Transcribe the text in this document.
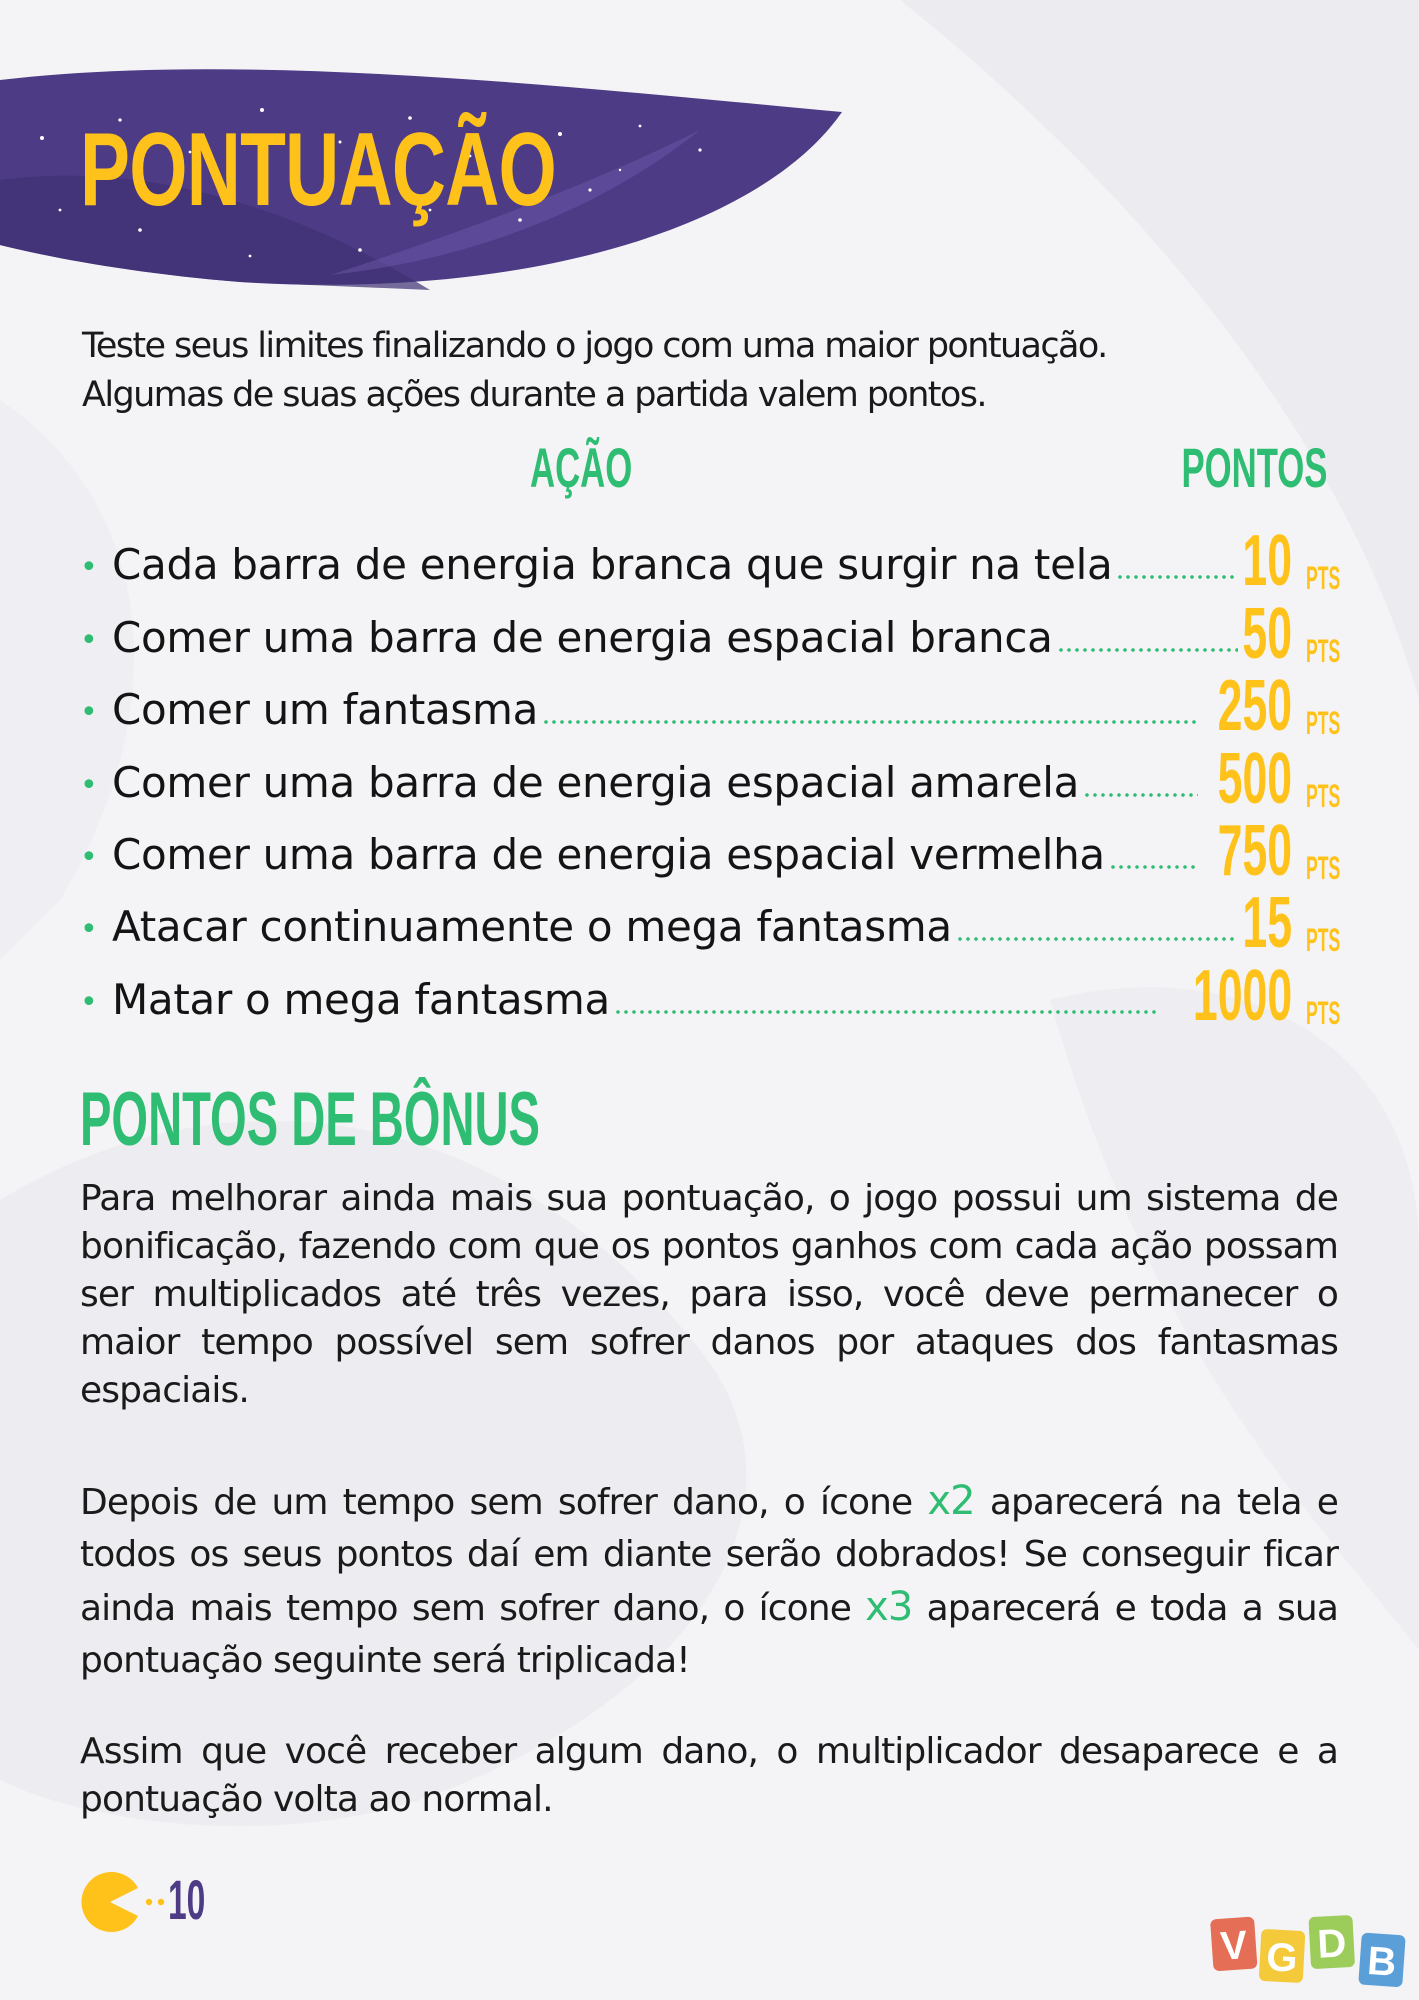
PONTUAÇÃO

Teste seus limites finalizando o jogo com uma maior pontuação.
Algumas de suas ações durante a partida valem pontos.

AÇÃO	PONTOS
• Cada barra de energia branca que surgir na tela 10 PTS
• Comer uma barra de energia espacial branca	50 PTS
• Comer um fantasma	250 PTS
• Comer uma barra de energia espacial amarela 500 PTS
• Comer uma barra de energia espacial vermelha 750 PTS
• Atacar continuamente o mega fantasma	15 PTS
• Matar o mega fantasma	1000 PTS
PONTOS DE BÔNUS

Para melhorar ainda mais sua pontuação, o jogo possui um sistema de bonificação, fazendo com que os pontos ganhos com cada ação possam ser multiplicados até três vezes, para isso, você deve permanecer o maior tempo possível sem sofrer danos por ataques dos fantasmas espaciais.

Depois de um tempo sem sofrer dano, o ícone x2 aparecerá na tela e todos os seus pontos daí em diante serão dobrados! Se conseguir ficar ainda mais tempo sem sofrer dano, o ícone x3 aparecerá e toda a sua pontuação seguinte será triplicada!

Assim que você receber algum dano, o multiplicador desaparece e a pontuação volta ao normal.

10

V G D B
